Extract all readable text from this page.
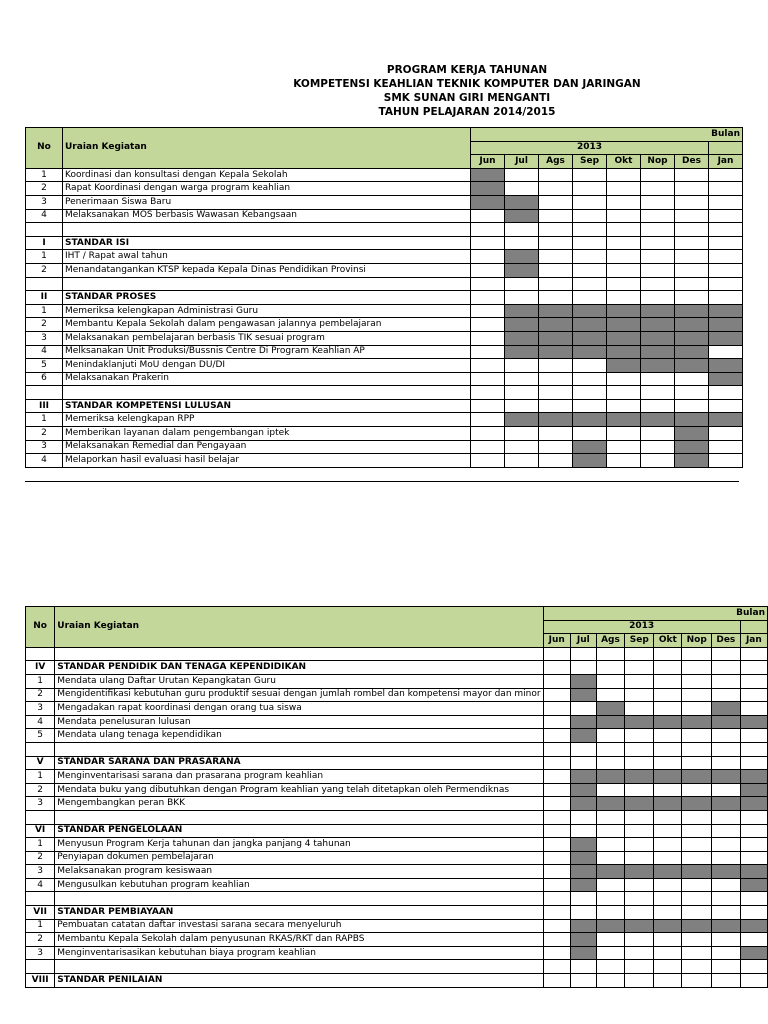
PROGRAM KERJA TAHUNAN
KOMPETENSI KEAHLIAN TEKNIK KOMPUTER DAN JARINGAN
SMK SUNAN GIRI MENGANTI
TAHUN PELAJARAN 2014/2015
No	Uraian Kegiatan	Bulan							
		2013							
		Jun	Jul	Ags	Sep	Okt	Nop	Des	Jan
1	Koordinasi dan konsultasi dengan Kepala Sekolah								
2	Rapat Koordinasi dengan warga program keahlian								
3	Penerimaan Siswa Baru								
4	Melaksanakan MOS berbasis Wawasan Kebangsaan								

I	STANDAR ISI								
1	IHT / Rapat awal tahun								
2	Menandatangankan KTSP kepada Kepala Dinas Pendidikan Provinsi								

II	STANDAR PROSES								
1	Memeriksa kelengkapan Administrasi Guru								
2	Membantu Kepala Sekolah dalam pengawasan jalannya pembelajaran								
3	Melaksanakan pembelajaran berbasis TIK sesuai program								
4	Melksanakan Unit Produksi/Bussnis Centre Di Program Keahlian AP								
5	Menindaklanjuti MoU dengan DU/DI								
6	Melaksanakan Prakerin								

III	STANDAR KOMPETENSI LULUSAN								
1	Memeriksa kelengkapan RPP								
2	Memberikan layanan dalam pengembangan iptek								
3	Melaksanakan Remedial dan Pengayaan								
4	Melaporkan hasil evaluasi hasil belajar								
No	Uraian Kegiatan	Bulan							
		2013							
		Jun	Jul	Ags	Sep	Okt	Nop	Des	Jan

IV	STANDAR PENDIDIK DAN TENAGA KEPENDIDIKAN								
1	Mendata ulang Daftar Urutan Kepangkatan Guru								
2	Mengidentifikasi kebutuhan guru produktif sesuai dengan jumlah rombel dan kompetensi mayor dan minor								
3	Mengadakan rapat koordinasi dengan orang tua siswa								
4	Mendata penelusuran lulusan								
5	Mendata ulang tenaga kependidikan								

V	STANDAR SARANA DAN PRASARANA								
1	Menginventarisasi sarana dan prasarana program keahlian								
2	Mendata buku yang dibutuhkan dengan Program keahlian yang telah ditetapkan oleh Permendiknas								
3	Mengembangkan peran BKK								

VI	STANDAR PENGELOLAAN								
1	Menyusun Program Kerja tahunan dan jangka panjang 4 tahunan								
2	Penyiapan dokumen pembelajaran								
3	Melaksanakan program kesiswaan								
4	Mengusulkan kebutuhan program keahlian								

VII	STANDAR PEMBIAYAAN								
1	Pembuatan catatan daftar investasi sarana secara menyeluruh								
2	Membantu Kepala Sekolah dalam penyusunan RKAS/RKT dan RAPBS								
3	Menginventarisasikan kebutuhan biaya program keahlian								

VIII	STANDAR PENILAIAN								
